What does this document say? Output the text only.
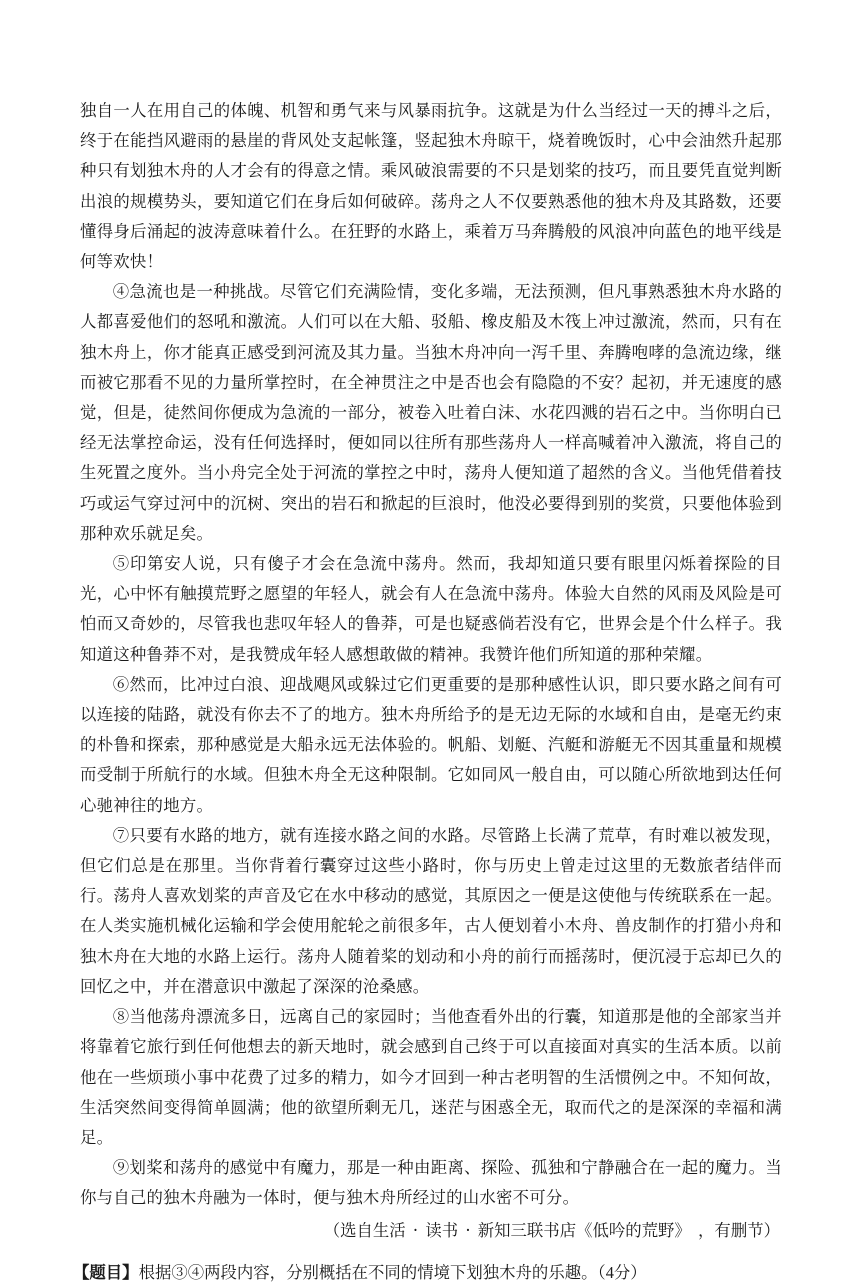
独自一人在用自己的体魄、机智和勇气来与风暴雨抗争。这就是为什么当经过一天的搏斗之后，终于在能挡风避雨的悬崖的背风处支起帐篷，竖起独木舟晾干，烧着晚饭时，心中会油然升起那种只有划独木舟的人才会有的得意之情。乘风破浪需要的不只是划桨的技巧，而且要凭直觉判断出浪的规模势头，要知道它们在身后如何破碎。荡舟之人不仅要熟悉他的独木舟及其路数，还要懂得身后涌起的波涛意味着什么。在狂野的水路上，乘着万马奔腾般的风浪冲向蓝色的地平线是何等欢快！

④急流也是一种挑战。尽管它们充满险情，变化多端，无法预测，但凡事熟悉独木舟水路的人都喜爱他们的怒吼和激流。人们可以在大船、驳船、橡皮船及木筏上冲过激流，然而，只有在独木舟上，你才能真正感受到河流及其力量。当独木舟冲向一泻千里、奔腾咆哮的急流边缘，继而被它那看不见的力量所掌控时，在全神贯注之中是否也会有隐隐的不安？起初，并无速度的感觉，但是，徒然间你便成为急流的一部分，被卷入吐着白沫、水花四溅的岩石之中。当你明白已经无法掌控命运，没有任何选择时，便如同以往所有那些荡舟人一样高喊着冲入激流，将自己的生死置之度外。当小舟完全处于河流的掌控之中时，荡舟人便知道了超然的含义。当他凭借着技巧或运气穿过河中的沉树、突出的岩石和掀起的巨浪时，他没必要得到别的奖赏，只要他体验到那种欢乐就足矣。

⑤印第安人说，只有傻子才会在急流中荡舟。然而，我却知道只要有眼里闪烁着探险的目光，心中怀有触摸荒野之愿望的年轻人，就会有人在急流中荡舟。体验大自然的风雨及风险是可怕而又奇妙的，尽管我也悲叹年轻人的鲁莽，可是也疑惑倘若没有它，世界会是个什么样子。我知道这种鲁莽不对，是我赞成年轻人感想敢做的精神。我赞许他们所知道的那种荣耀。

⑥然而，比冲过白浪、迎战飓风或躲过它们更重要的是那种感性认识，即只要水路之间有可以连接的陆路，就没有你去不了的地方。独木舟所给予的是无边无际的水域和自由，是毫无约束的朴鲁和探索，那种感觉是大船永远无法体验的。帆船、划艇、汽艇和游艇无不因其重量和规模而受制于所航行的水域。但独木舟全无这种限制。它如同风一般自由，可以随心所欲地到达任何心驰神往的地方。

⑦只要有水路的地方，就有连接水路之间的水路。尽管路上长满了荒草，有时难以被发现，但它们总是在那里。当你背着行囊穿过这些小路时，你与历史上曾走过这里的无数旅者结伴而行。荡舟人喜欢划桨的声音及它在水中移动的感觉，其原因之一便是这使他与传统联系在一起。在人类实施机械化运输和学会使用舵轮之前很多年，古人便划着小木舟、兽皮制作的打猎小舟和独木舟在大地的水路上运行。荡舟人随着桨的划动和小舟的前行而摇荡时，便沉浸于忘却已久的回忆之中，并在潜意识中激起了深深的沧桑感。

⑧当他荡舟漂流多日，远离自己的家园时；当他查看外出的行囊，知道那是他的全部家当并将靠着它旅行到任何他想去的新天地时，就会感到自己终于可以直接面对真实的生活本质。以前他在一些烦琐小事中花费了过多的精力，如今才回到一种古老明智的生活惯例之中。不知何故，生活突然间变得简单圆满；他的欲望所剩无几，迷茫与困惑全无，取而代之的是深深的幸福和满足。

⑨划桨和荡舟的感觉中有魔力，那是一种由距离、探险、孤独和宁静融合在一起的魔力。当你与自己的独木舟融为一体时，便与独木舟所经过的山水密不可分。

（选自生活 · 读书 · 新知三联书店《低吟的荒野》 ，有删节）

【题目】根据③④两段内容，分别概括在不同的情境下划独木舟的乐趣。（4分）
